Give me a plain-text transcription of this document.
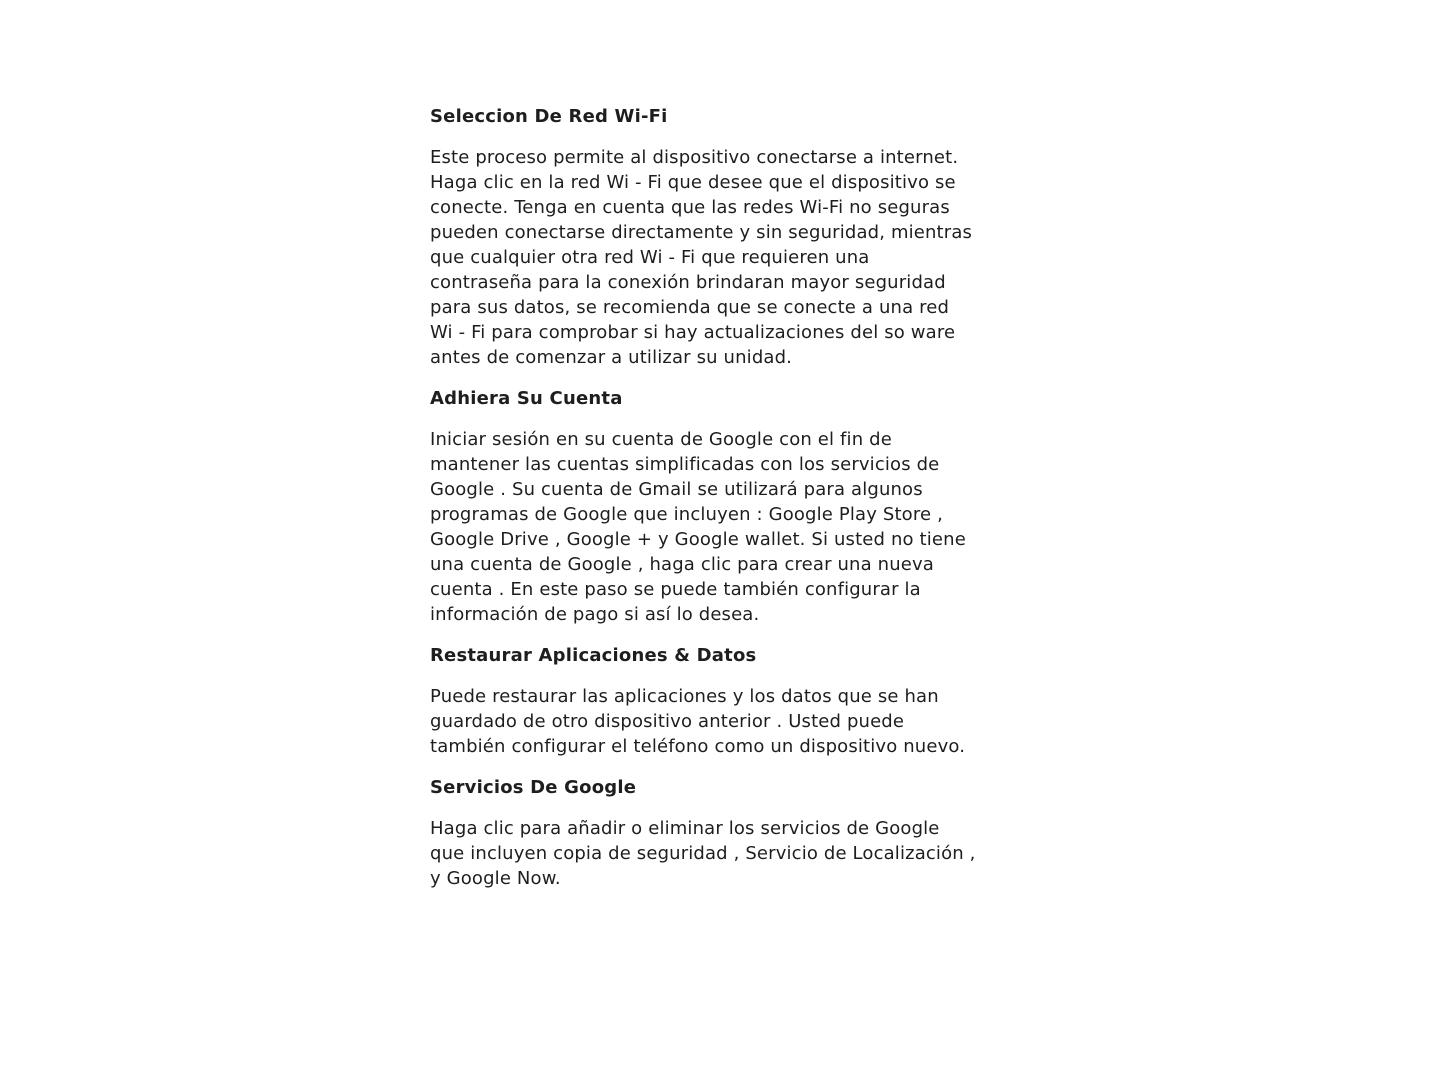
Seleccion De Red Wi-Fi
Este proceso permite al dispositivo conectarse a internet.
Haga clic en la red Wi - Fi que desee que el dispositivo se
conecte. Tenga en cuenta que las redes Wi-Fi no seguras
pueden conectarse directamente y sin seguridad, mientras
que cualquier otra red Wi - Fi que requieren una
contraseña para la conexión brindaran mayor seguridad
para sus datos, se recomienda que se conecte a una red
Wi - Fi para comprobar si hay actualizaciones del so ware
antes de comenzar a utilizar su unidad.
Adhiera Su Cuenta
Iniciar sesión en su cuenta de Google con el fin de
mantener las cuentas simplificadas con los servicios de
Google . Su cuenta de Gmail se utilizará para algunos
programas de Google que incluyen : Google Play Store ,
Google Drive , Google + y Google wallet. Si usted no tiene
una cuenta de Google , haga clic para crear una nueva
cuenta . En este paso se puede también configurar la
información de pago si así lo desea.
Restaurar Aplicaciones & Datos
Puede restaurar las aplicaciones y los datos que se han
guardado de otro dispositivo anterior . Usted puede
también configurar el teléfono como un dispositivo nuevo.
Servicios De Google
Haga clic para añadir o eliminar los servicios de Google
que incluyen copia de seguridad , Servicio de Localización ,
y Google Now.
